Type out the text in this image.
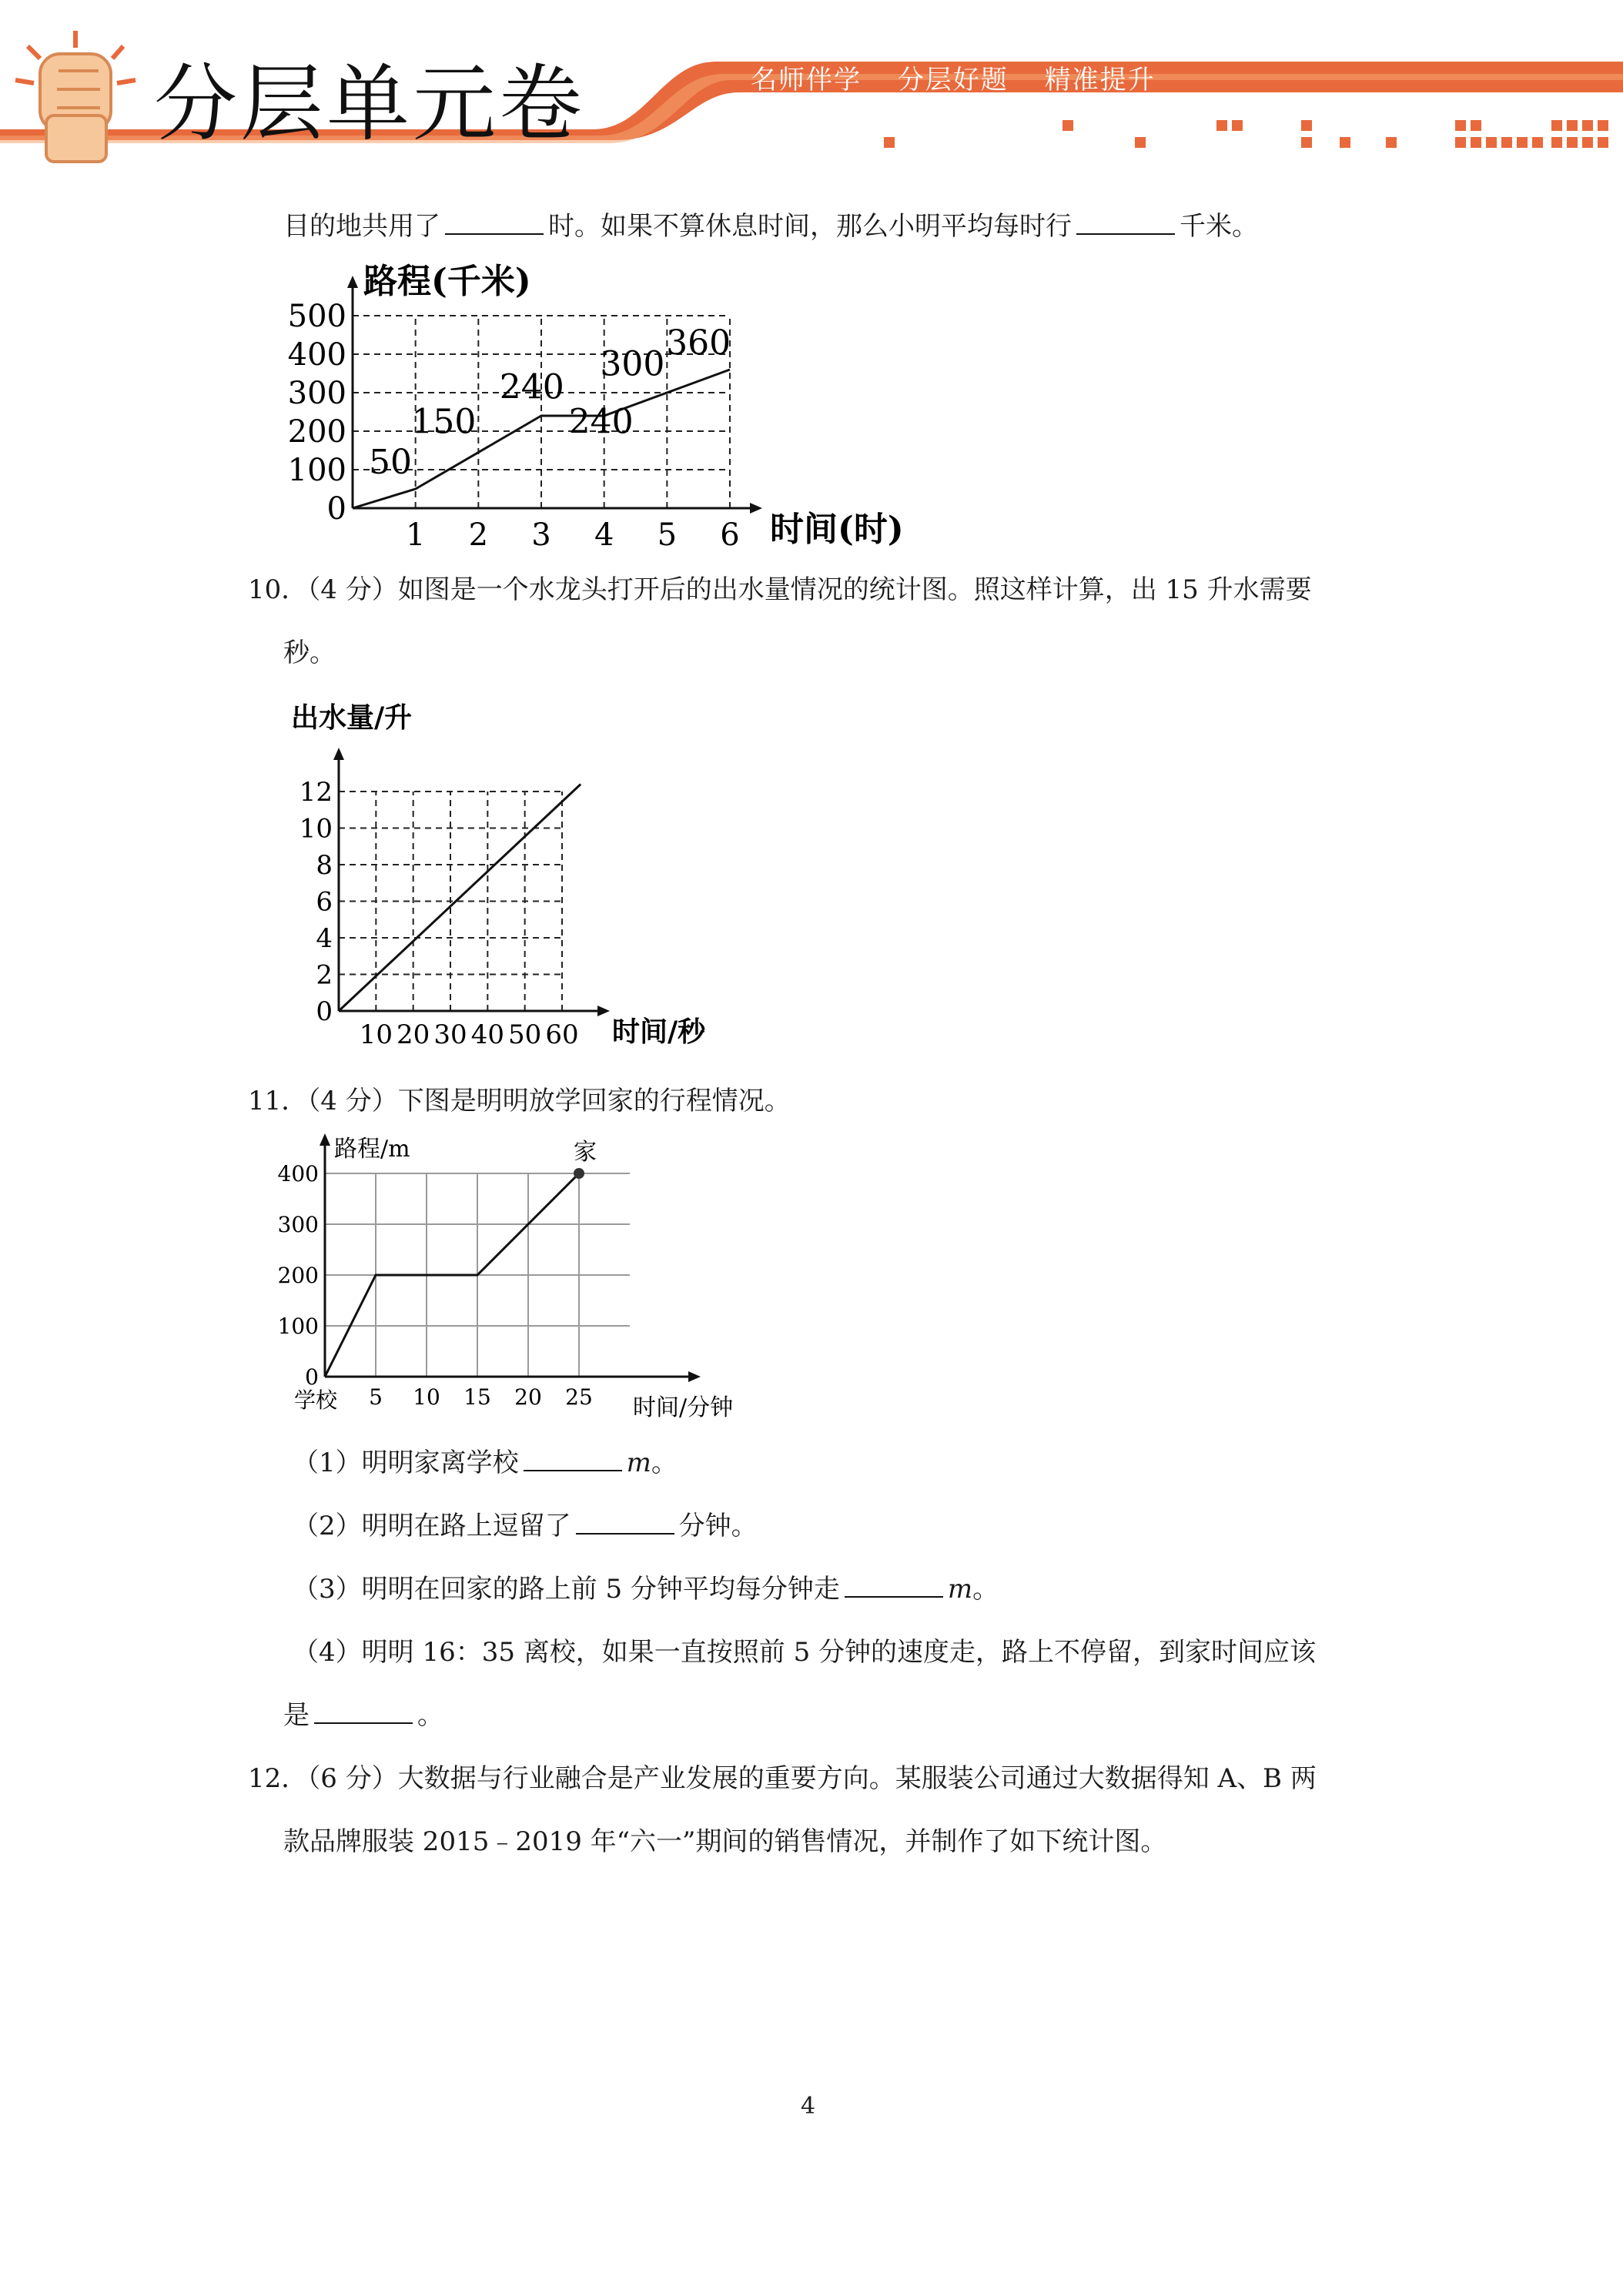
分层单元卷	名师伴学 分层好题 精准提升
目的地共用了	时。如果不算休息时间，那么小明平均每时行	千米。
0
100
200
300
400
500
1 2 3 4 5 6
路程(千米)
时间(时)
50
150
240
240
300
360
10．（4 分）如图是一个水龙头打开后的出水量情况的统计图。照这样计算，出 15 升水需要
秒。
0
2
4
6
8
10
12
10 20 30 40 50 60
出水量/升
时间/秒
11．（4 分）下图是明明放学回家的行程情况。
0
100
200
300
400
5 10 15 20 25
路程/m
时间/分钟
学校
家
（1）明明家离学校	m。
（2）明明在路上逗留了	分钟。
（3）明明在回家的路上前 5 分钟平均每分钟走	m。
（4）明明 16：35 离校，如果一直按照前 5 分钟的速度走，路上不停留，到家时间应该
是	。
12．（6 分）大数据与行业融合是产业发展的重要方向。某服装公司通过大数据得知 A、B 两
款品牌服装 2015﹣2019 年“六一”期间的销售情况，并制作了如下统计图。
4
